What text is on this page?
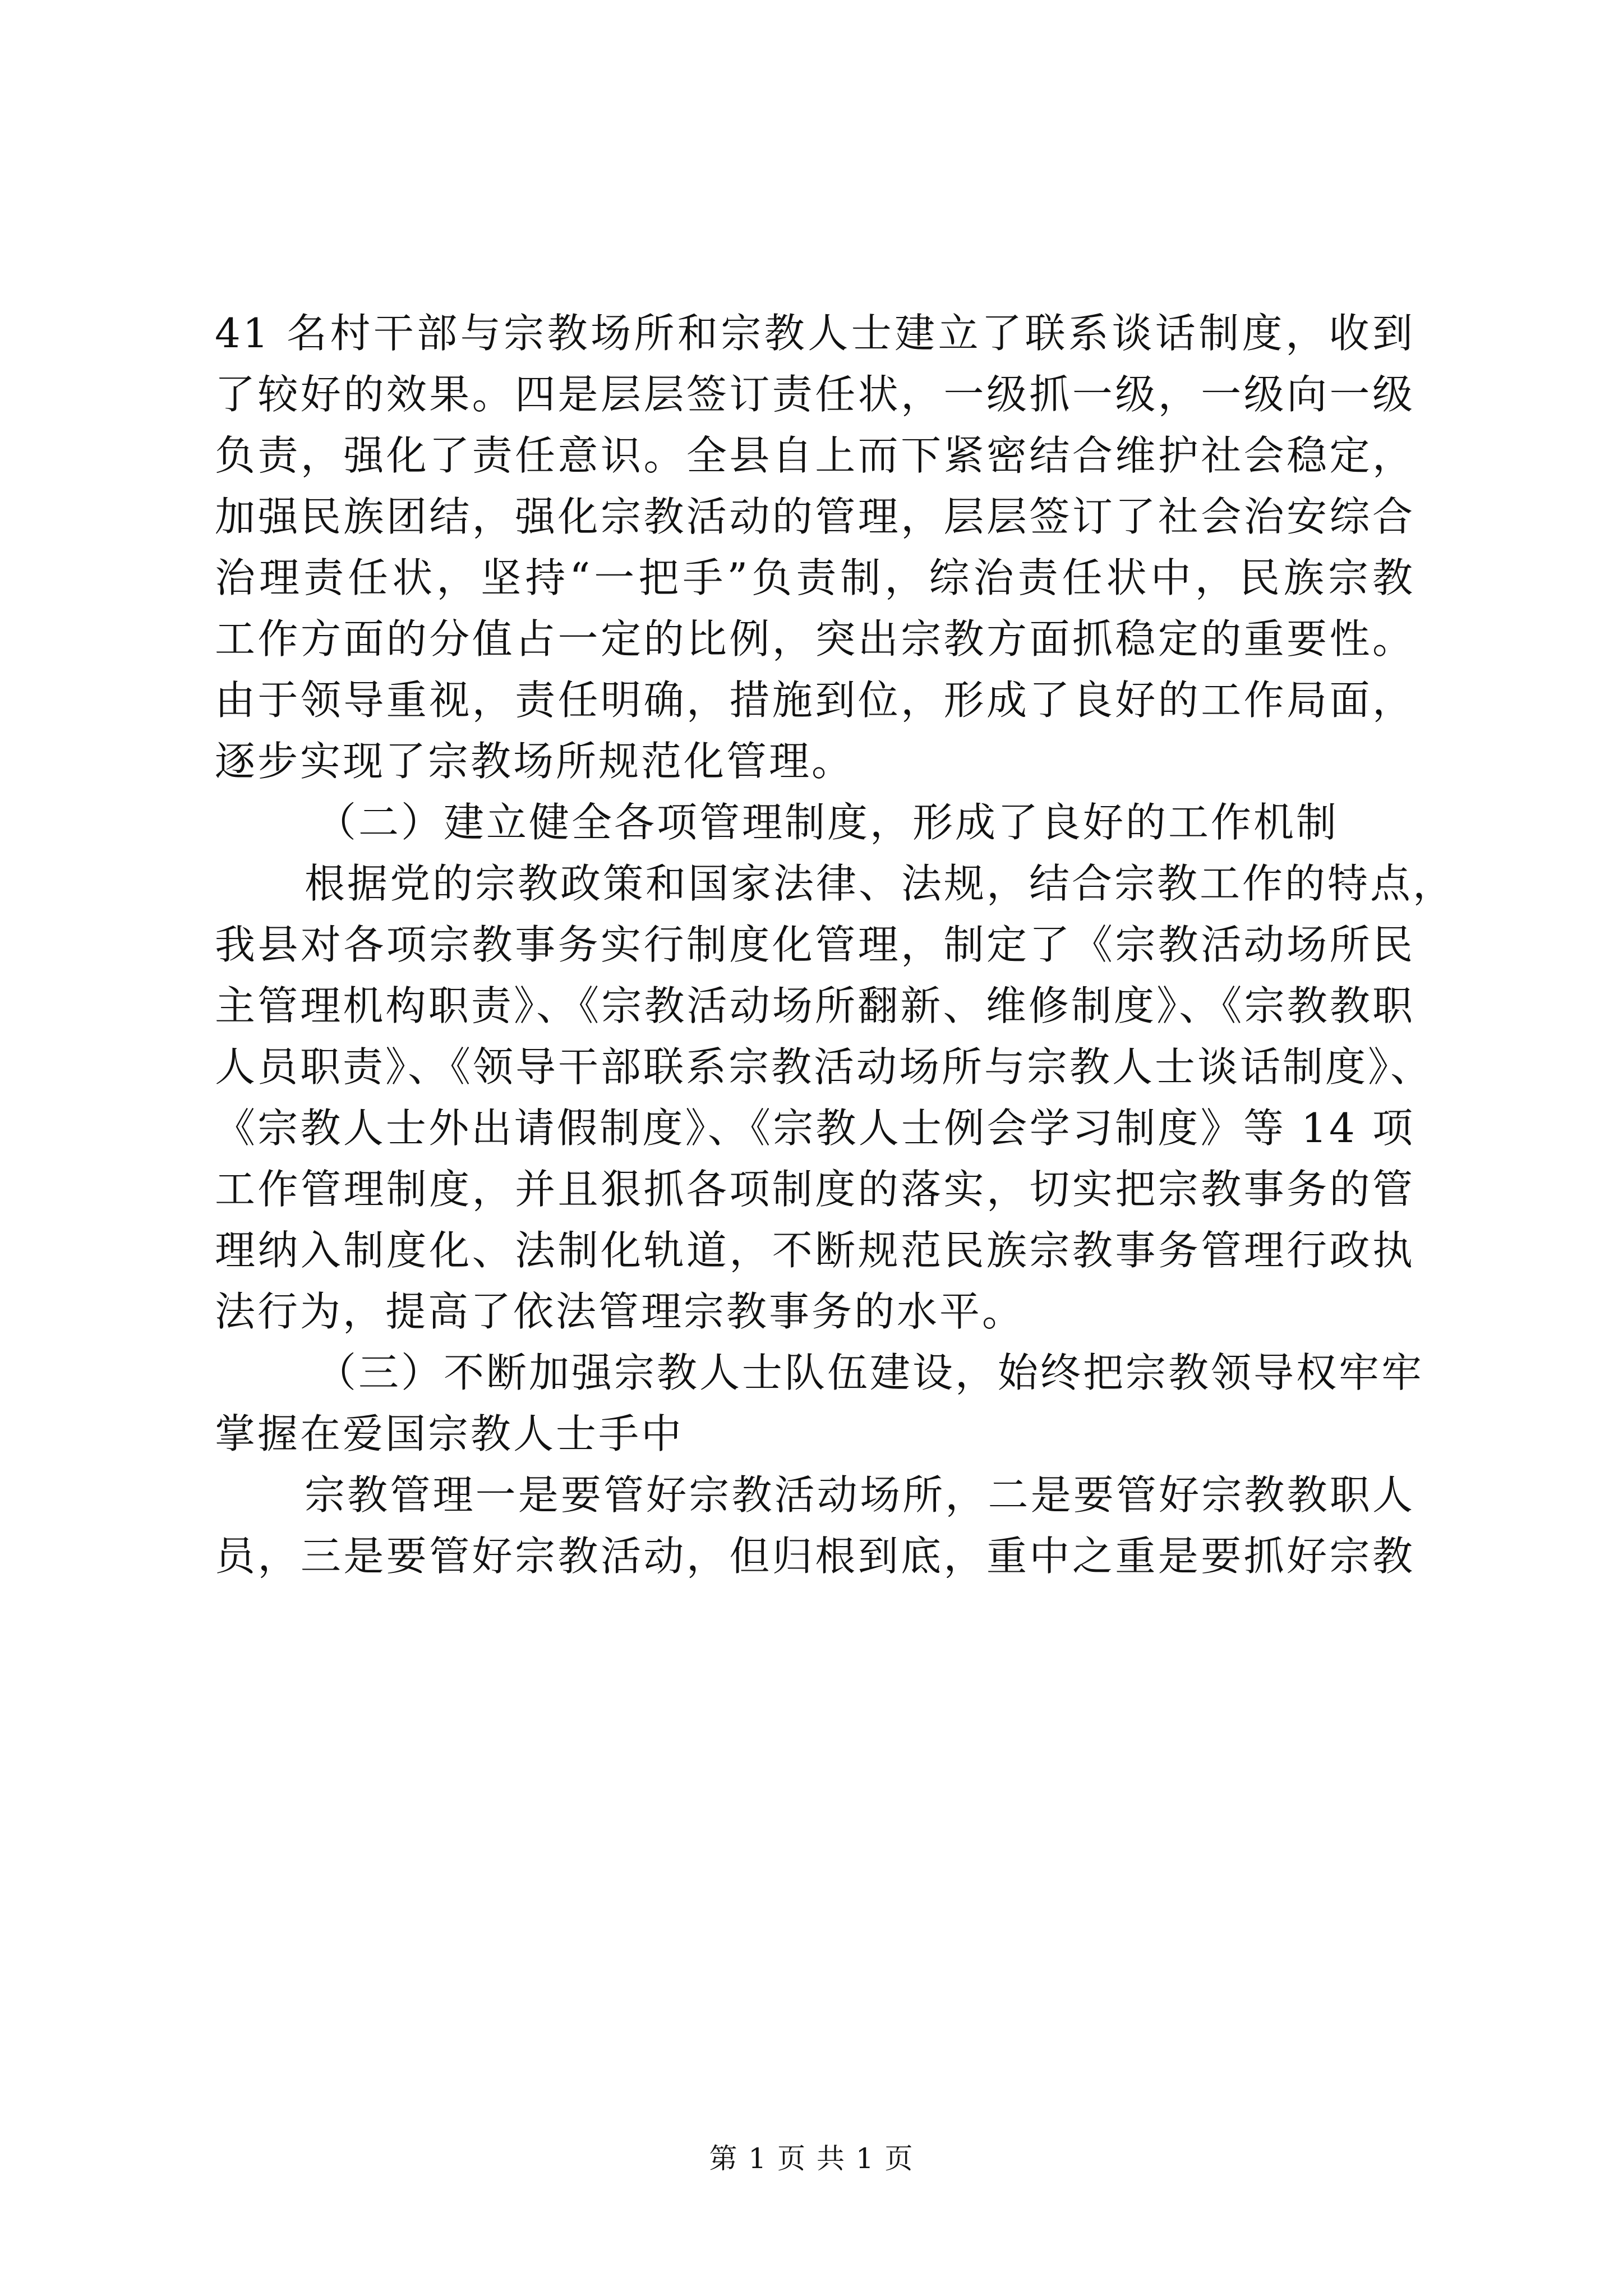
41 名村干部与宗教场所和宗教人士建立了联系谈话制度，收到
了较好的效果。四是层层签订责任状，一级抓一级，一级向一级
负责，强化了责任意识。全县自上而下紧密结合维护社会稳定，
加强民族团结，强化宗教活动的管理，层层签订了社会治安综合
治理责任状，坚持“一把手”负责制，综治责任状中，民族宗教
工作方面的分值占一定的比例，突出宗教方面抓稳定的重要性。
由于领导重视，责任明确，措施到位，形成了良好的工作局面，
逐步实现了宗教场所规范化管理。
（二）建立健全各项管理制度，形成了良好的工作机制
根据党的宗教政策和国家法律、法规，结合宗教工作的特点，
我县对各项宗教事务实行制度化管理，制定了《宗教活动场所民
主管理机构职责》、《宗教活动场所翻新、维修制度》、《宗教教职
人员职责》、《领导干部联系宗教活动场所与宗教人士谈话制度》、
《宗教人士外出请假制度》、《宗教人士例会学习制度》等 14 项
工作管理制度，并且狠抓各项制度的落实，切实把宗教事务的管
理纳入制度化、法制化轨道，不断规范民族宗教事务管理行政执
法行为，提高了依法管理宗教事务的水平。
（三）不断加强宗教人士队伍建设，始终把宗教领导权牢牢
掌握在爱国宗教人士手中
宗教管理一是要管好宗教活动场所，二是要管好宗教教职人
员，三是要管好宗教活动，但归根到底，重中之重是要抓好宗教
第 1 页 共 1 页
